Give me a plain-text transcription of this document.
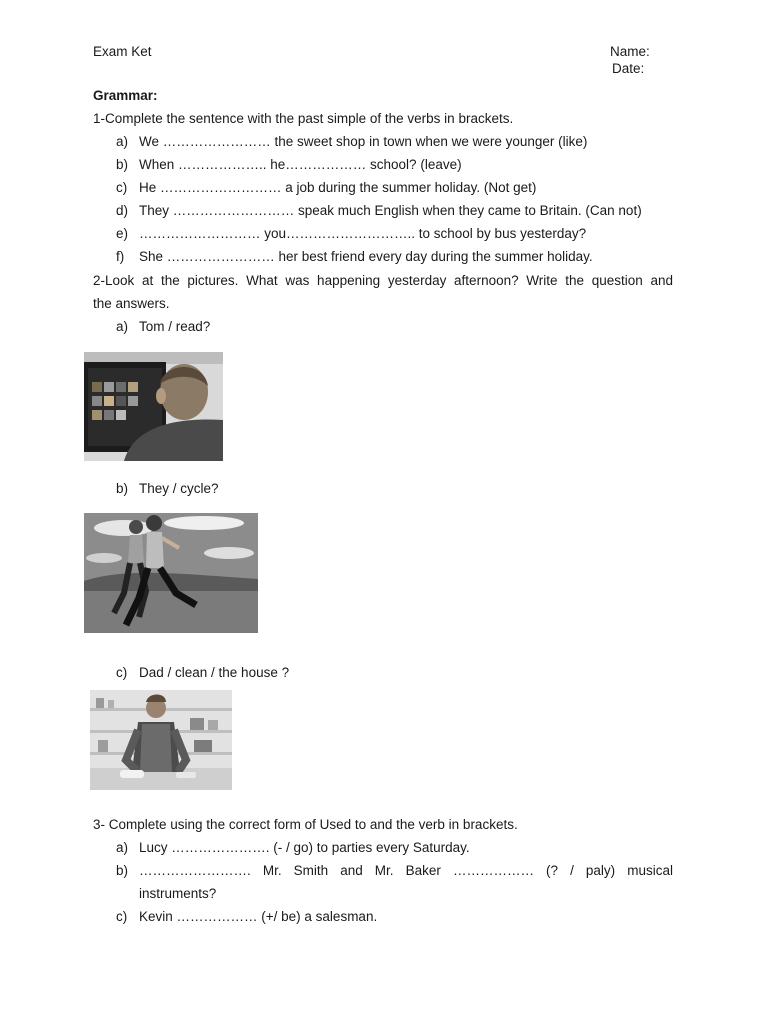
Exam Ket	Name:
Date:
Grammar:
1-Complete the sentence with the past simple of the verbs in brackets.
a) We …………………… the sweet shop in town when we were younger (like)
b) When ……………….. he……………… school? (leave)
c) He ……………………… a job during the summer holiday. (Not get)
d) They ……………………… speak much English when they came to Britain. (Can not)
e) ……………………… you……………………….. to school by bus yesterday?
f) She …………………… her best friend every day during the summer holiday.
2-Look at the pictures. What was happening yesterday afternoon? Write the question and
the answers.
a) Tom / read?
b) They / cycle?
c) Dad / clean / the house ?
3- Complete using the correct form of Used to and the verb in brackets.
a) Lucy …………………. (- / go) to parties every Saturday.
b) ……………………. Mr. Smith and Mr. Baker ……………… (? / paly) musical
instruments?
c) Kevin ……………… (+/ be) a salesman.
